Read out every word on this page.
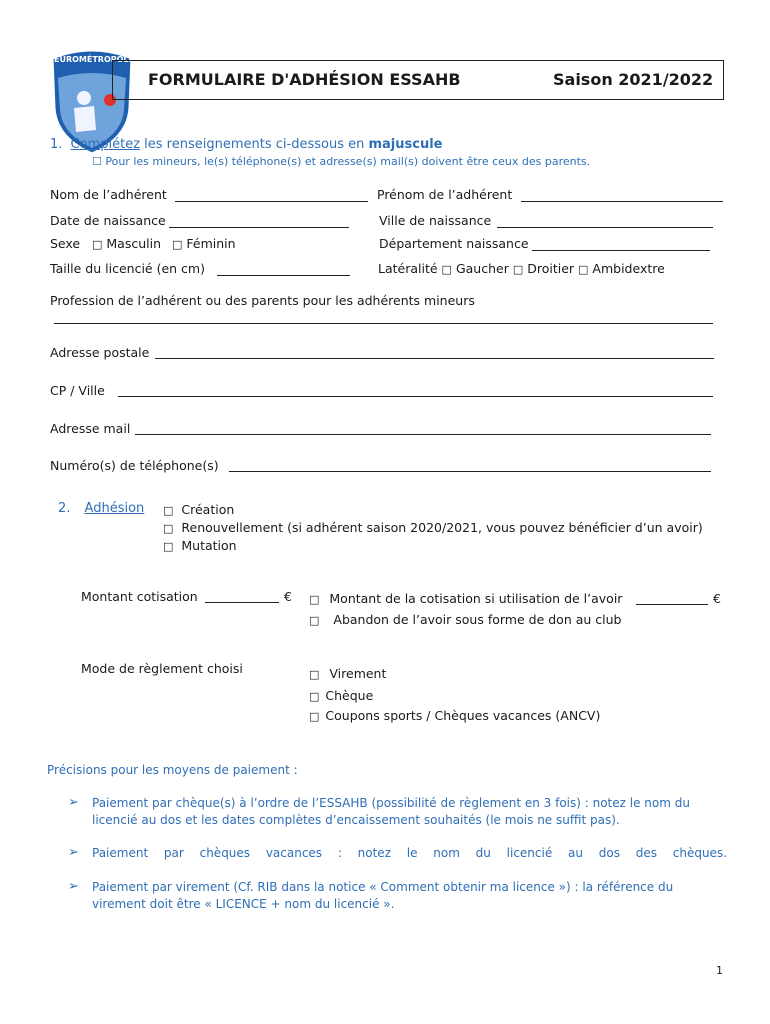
STRASBOURG
EUROMÉTROPOLE
FORMULAIRE D'ADHÉSION ESSAHB	Saison 2021/2022
1. Complétez les renseignements ci-dessous en majuscule
☐ Pour les mineurs, le(s) téléphone(s) et adresse(s) mail(s) doivent être ceux des parents.
Nom de l’adhérent	Prénom de l’adhérent
Date de naissance	Ville de naissance
Sexe □ Masculin □ Féminin	Département naissance
Taille du licencié (en cm)	Latéralité □ Gaucher □ Droitier □ Ambidextre
Profession de l’adhérent ou des parents pour les adhérents mineurs
Adresse postale
CP / Ville
Adresse mail
Numéro(s) de téléphone(s)
2. Adhésion □ Création
□ Renouvellement (si adhérent saison 2020/2021, vous pouvez bénéficier d’un avoir)
□ Mutation
Montant cotisation	€ □ Montant de la cotisation si utilisation de l’avoir	€
□ Abandon de l’avoir sous forme de don au club
Mode de règlement choisi	□ Virement
□ Chèque
□ Coupons sports / Chèques vacances (ANCV)
Précisions pour les moyens de paiement :
➢ Paiement par chèque(s) à l’ordre de l’ESSAHB (possibilité de règlement en 3 fois) : notez le nom du licencié au dos et les dates complètes d’encaissement souhaités (le mois ne suffit pas).
➢ Paiement par chèques vacances : notez le nom du licencié au dos des chèques.
➢ Paiement par virement (Cf. RIB dans la notice « Comment obtenir ma licence ») : la référence du virement doit être « LICENCE + nom du licencié ».
1
